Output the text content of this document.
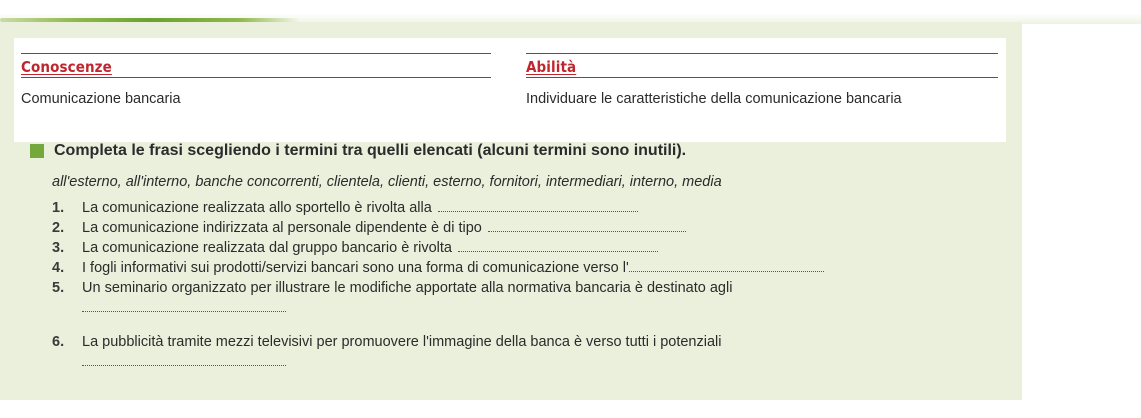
Conoscenze
Comunicazione bancaria
Abilità
Individuare le caratteristiche della comunicazione bancaria
Completa le frasi scegliendo i termini tra quelli elencati (alcuni termini sono inutili).
all'esterno, all'interno, banche concorrenti, clientela, clienti, esterno, fornitori, intermediari, interno, media
1. La comunicazione realizzata allo sportello è rivolta alla
2. La comunicazione indirizzata al personale dipendente è di tipo
3. La comunicazione realizzata dal gruppo bancario è rivolta
4. I fogli informativi sui prodotti/servizi bancari sono una forma di comunicazione verso l'
5. Un seminario organizzato per illustrare le modifiche apportate alla normativa bancaria è destinato agli
6. La pubblicità tramite mezzi televisivi per promuovere l'immagine della banca è verso tutti i potenziali
